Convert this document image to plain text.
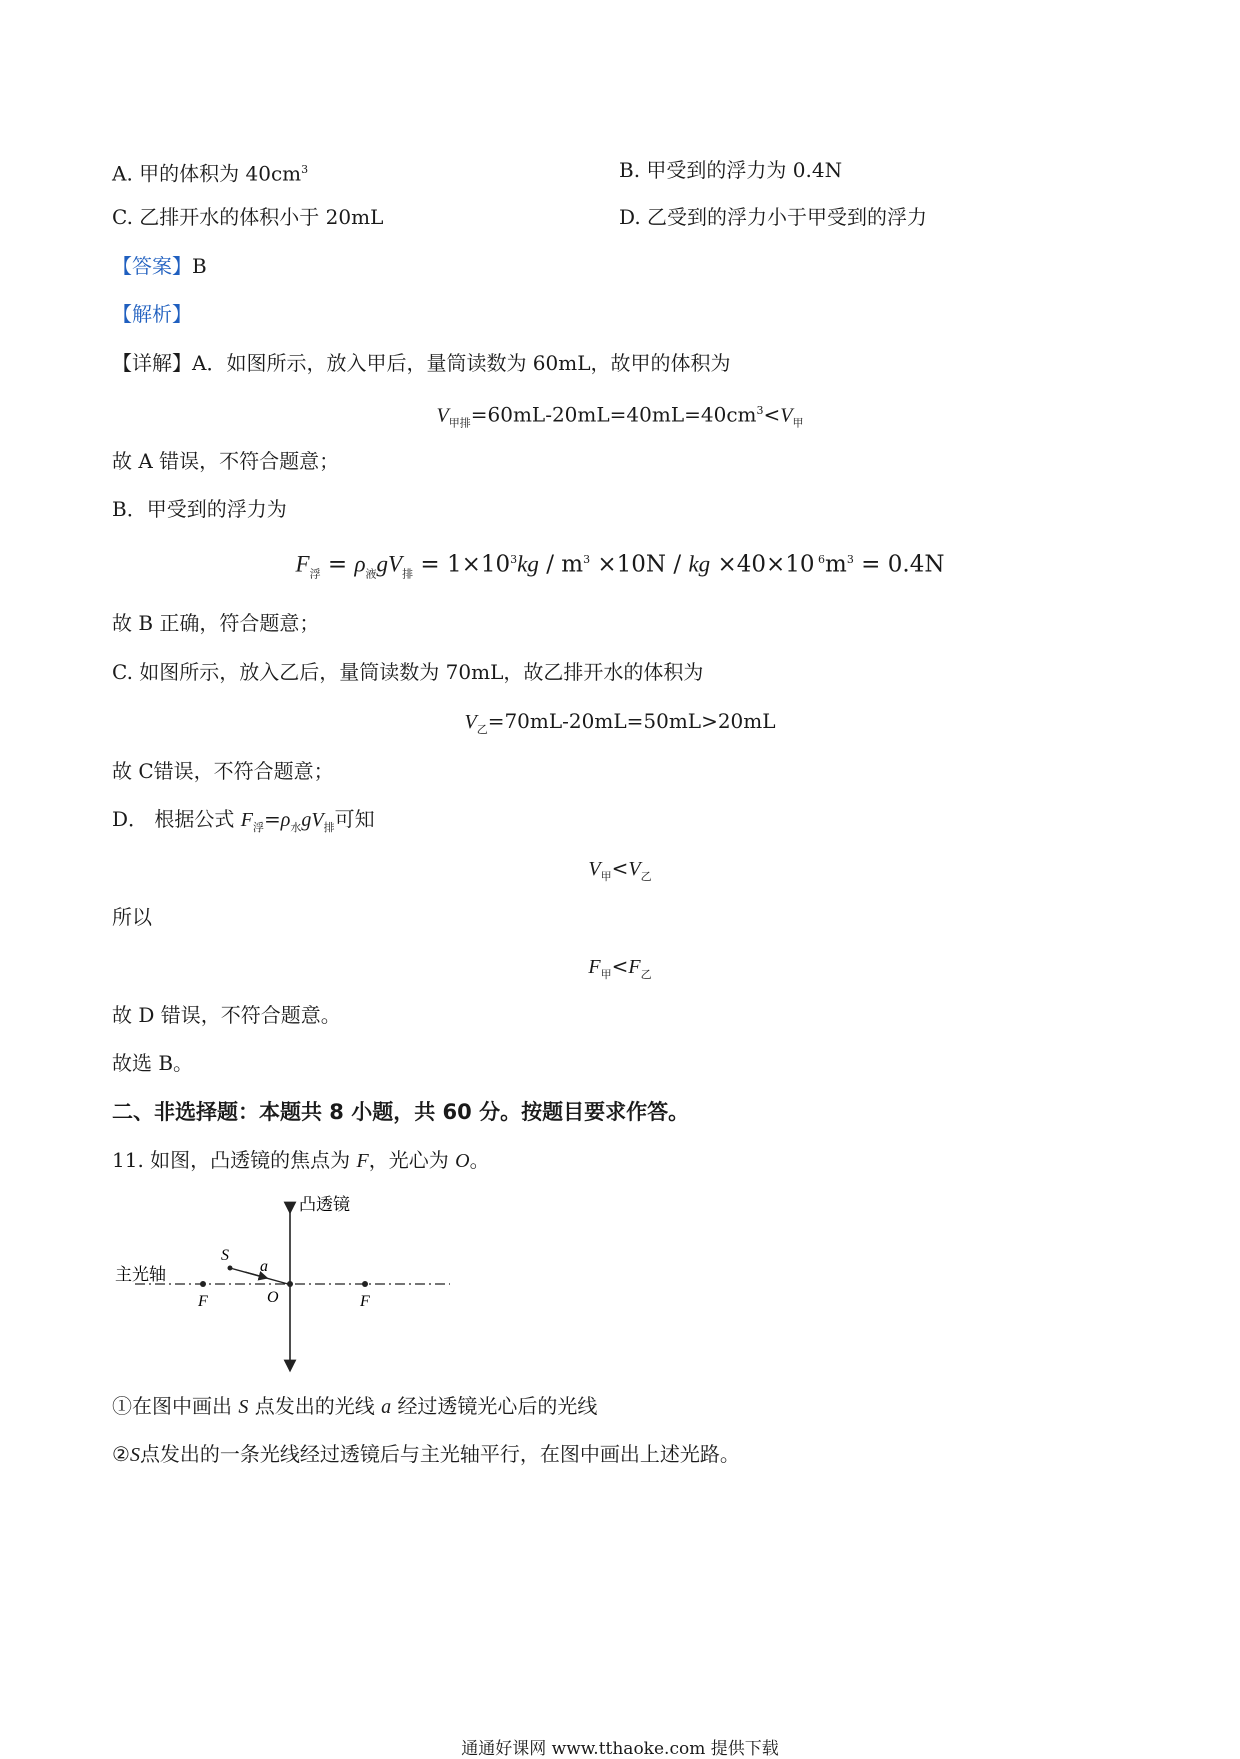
A. 甲的体积为 $40cm^3$	B. 甲受到的浮力为 0.4N
C. 乙排开水的体积小于 20mL	D. 乙受到的浮力小于甲受到的浮力
【答案】B
【解析】
【详解】A．如图所示，放入甲后，量筒读数为 60mL，故甲的体积为
$V_{甲排}=60mL-20mL=40mL=40cm^3<V_甲$
故 A 错误，不符合题意；
B．甲受到的浮力为
$F_浮 = \rho_液gV_排 = 1\times 10^3kg / m^3 \times 10N$ / kg ×40×10 $^6m^3 = 0.4N$
故 B 正确，符合题意；
C. 如图所示，放入乙后，量筒读数为 70mL，故乙排开水的体积为
$V_乙=70mL-20mL=50mL>20mL$
故 C错误，不符合题意；
D． 根据公式 $F_浮=\rho_水gV_排$可知
$V_甲<V_乙$
所以
$F_甲<F_乙$
故 D 错误，不符合题意。
故选 B。
二、非选择题：本题共 8 小题，共 60 分。按题目要求作答。
11. 如图，凸透镜的焦点为 F，光心为 O。
凸透镜
主光轴
S
a
O
F	F
①在图中画出 S 点发出的光线 a 经过透镜光心后的光线
②S点发出的一条光线经过透镜后与主光轴平行，在图中画出上述光路。
通通好课网 www.tthaoke.com 提供下载
